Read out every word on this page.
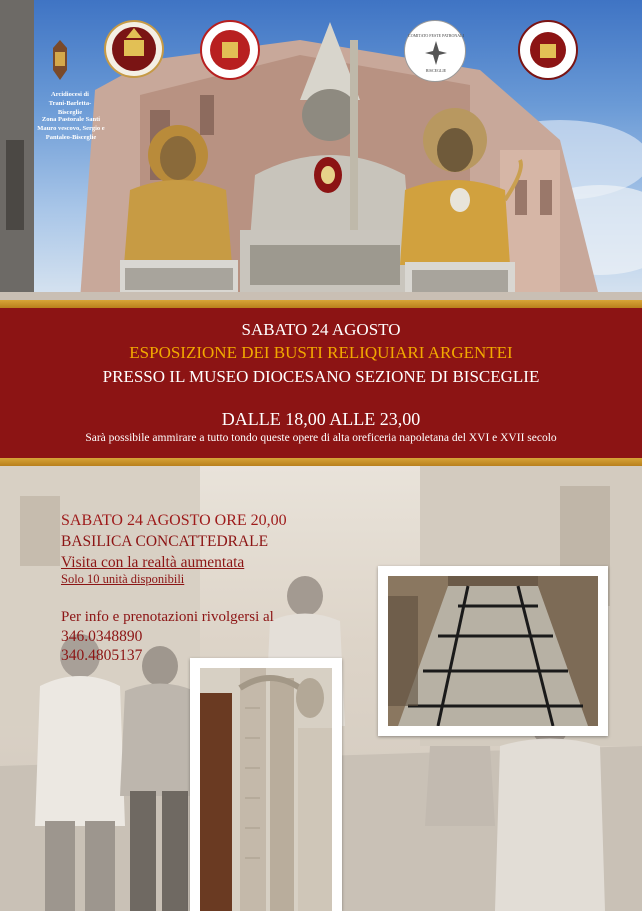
Arcidiocesi di
Trani-Barletta-Bisceglie
Zona Pastorale Santi
Mauro vescovo, Sergio e
Pantaleo-Bisceglie
COMITATO FESTE PATRONALI
BISCEGLIE
SABATO 24 AGOSTO
ESPOSIZIONE DEI BUSTI RELIQUIARI ARGENTEI
PRESSO IL MUSEO DIOCESANO SEZIONE DI BISCEGLIE
DALLE 18,00 ALLE 23,00
Sarà possibile ammirare a tutto tondo queste opere di alta oreficeria napoletana del XVI e XVII secolo
SABATO 24 AGOSTO ORE 20,00
BASILICA CONCATTEDRALE
Visita con la realtà aumentata
Solo 10 unità disponibili
Per info e prenotazioni rivolgersi al
346.0348890
340.4805137
